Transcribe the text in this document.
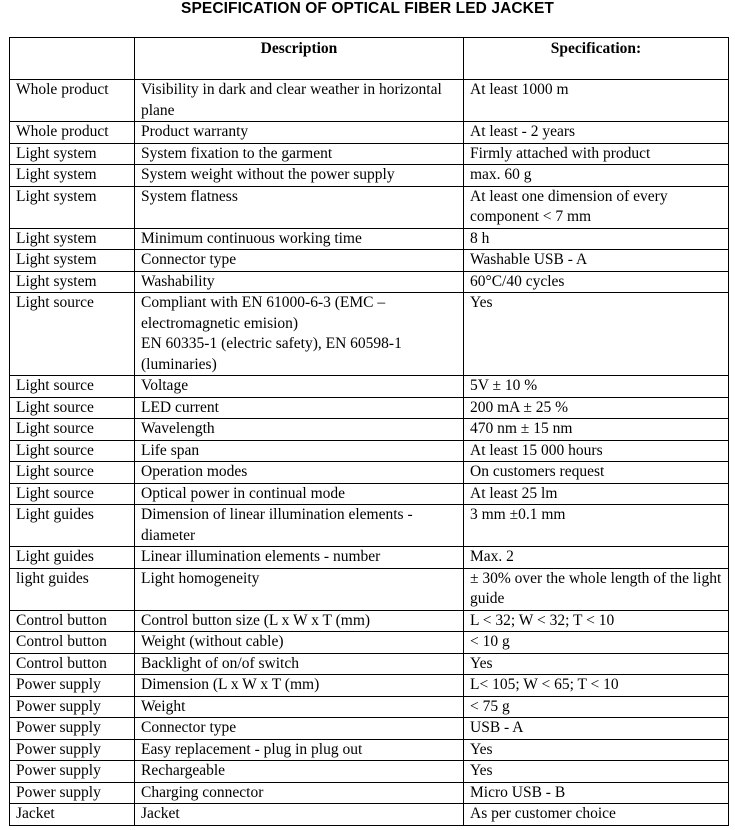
SPECIFICATION OF OPTICAL FIBER LED JACKET
	Description	Specification:
Whole product	Visibility in dark and clear weather in horizontal plane	At least 1000 m

Whole product	Product warranty	At least - 2 years

Light system	System fixation to the garment	Firmly attached with product

Light system	System weight without the power supply	max. 60 g

Light system	System flatness	At least one dimension of every component < 7 mm

Light system	Minimum continuous working time	8 h

Light system	Connector type	Washable USB - A

Light system	Washability	60°C/40 cycles

Light source	Compliant with EN 61000-6-3 (EMC – electromagnetic emision)
EN 60335-1 (electric safety), EN 60598-1 (luminaries)	Yes

Light source	Voltage	5V ± 10 %

Light source	LED current	200 mA ± 25 %

Light source	Wavelength	470 nm ± 15 nm

Light source	Life span	At least 15 000 hours

Light source	Operation modes	On customers request

Light source	Optical power in continual mode	At least 25 lm

Light guides	Dimension of linear illumination elements - diameter	3 mm ±0.1 mm

Light guides	Linear illumination elements - number	Max. 2

light guides	Light homogeneity	± 30% over the whole length of the light guide

Control button	Control button size (L x W x T (mm)	L < 32; W < 32; T < 10

Control button	Weight (without cable)	< 10 g

Control button	Backlight of on/of switch	Yes

Power supply	Dimension (L x W x T (mm)	L< 105; W < 65; T < 10

Power supply	Weight	< 75 g

Power supply	Connector type	USB - A

Power supply	Easy replacement - plug in plug out	Yes

Power supply	Rechargeable	Yes

Power supply	Charging connector	Micro USB - B

Jacket	Jacket	As per customer choice
